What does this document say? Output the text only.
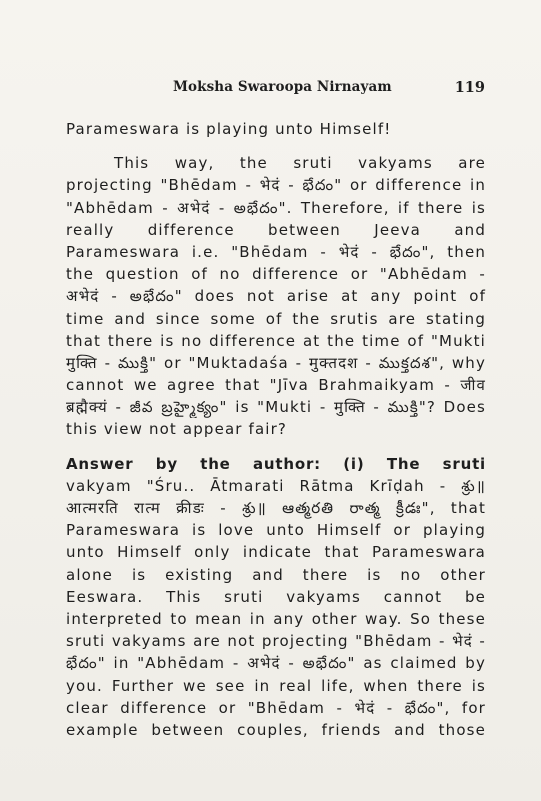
Moksha Swaroopa Nirnayam	119
Parameswara is playing unto Himself!
This way, the sruti vakyams are
projecting "Bhēdam - भेदं - భేదం" or difference in
"Abhēdam - अभेदं - అభేదం". Therefore, if there is
really difference between Jeeva and
Parameswara i.e. "Bhēdam - भेदं - భేదం", then
the question of no difference or "Abhēdam -
अभेदं - అభేదం" does not arise at any point of
time and since some of the srutis are stating
that there is no difference at the time of "Mukti
मुक्ति - ముక్తి" or "Muktadaśa - मुक्तदश - ముక్తదశ", why
cannot we agree that "Jīva Brahmaikyam - जीव
ब्रह्मैक्यं - జీవ బ్రహ్మైక్యం" is "Mukti - मुक्ति - ముక్తి"? Does
this view not appear fair?
Answer by the author: (i) The sruti
vakyam "Śru.. Ātmarati Rātma Krīḍah - శ్రు॥
आत्मरति रात्म क्रीडः - శ్రు॥ ఆత్మరతి రాత్మ క్రీడః", that
Parameswara is love unto Himself or playing
unto Himself only indicate that Parameswara
alone is existing and there is no other
Eeswara. This sruti vakyams cannot be
interpreted to mean in any other way. So these
sruti vakyams are not projecting "Bhēdam - भेदं -
భేదం" in "Abhēdam - अभेदं - అభేదం" as claimed by
you. Further we see in real life, when there is
clear difference or "Bhēdam - भेदं - భేదం", for
example between couples, friends and those
